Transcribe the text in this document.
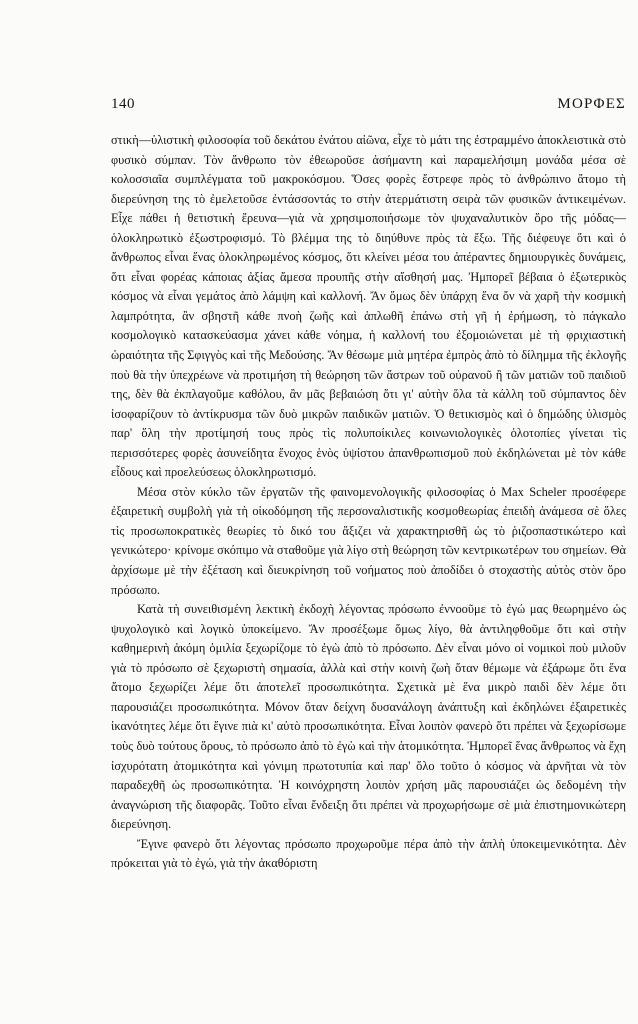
140	ΜΟΡΦΕΣ

στικὴ—ὑλιστικὴ φιλοσοφία τοῦ δεκάτου ἐνάτου αἰῶνα, εἶχε τὸ μάτι της ἐστραμμένο ἀποκλειστικὰ στὸ φυσικὸ σύμπαν. Τὸν ἄνθρωπο τὸν ἐθεωροῦσε ἀσήμαντη καὶ παραμελήσιμη μονάδα μέσα σὲ κολοσσιαῖα συμπλέγματα τοῦ μακροκόσμου. Ὅσες φορὲς ἔστρεφε πρὸς τὸ ἀνθρώπινο ἄτομο τὴ διερεύνηση της τὸ ἐμελετοῦσε ἐντάσσοντάς το στὴν ἀτερμάτιστη σειρὰ τῶν φυσικῶν ἀντικειμένων. Εἶχε πάθει ἡ θετιστικὴ ἔρευνα—γιὰ νὰ χρησιμοποιήσωμε τὸν ψυχαναλυτικὸν ὅρο τῆς μόδας—ὁλοκληρωτικὸ ἐξωστροφισμό. Τὸ βλέμμα της τὸ διηύθυνε πρὸς τὰ ἔξω. Τῆς διέφευγε ὅτι καὶ ὁ ἄνθρωπος εἶναι ἕνας ὁλοκληρωμένος κόσμος, ὅτι κλείνει μέσα του ἀπέραντες δημιουργικὲς δυνάμεις, ὅτι εἶναι φορέας κάποιας ἀξίας ἄμεσα προυπῆς στὴν αἴσθησή μας. Ἠμπορεῖ βέβαια ὁ ἐξωτερικὸς κόσμος νὰ εἶναι γεμάτος ἀπὸ λάμψη καὶ καλλονή. Ἄν ὅμως δὲν ὑπάρχη ἕνα ὄν νὰ χαρῆ τὴν κοσμικὴ λαμπρότητα, ἂν σβηστῆ κάθε πνοὴ ζωῆς καὶ ἁπλωθῆ ἐπάνω στὴ γῆ ἡ ἐρήμωση, τὸ πάγκαλο κοσμολογικὸ κατασκεύασμα χάνει κάθε νόημα, ἡ καλλονή του ἐξομοιώνεται μὲ τὴ φριχιαστικὴ ὡραιότητα τῆς Σφιγγὸς καὶ τῆς Μεδούσης. Ἄν θέσωμε μιὰ μητέρα ἐμπρὸς ἀπὸ τὸ δίλημμα τῆς ἐκλογῆς ποὺ θὰ τὴν ὑπεχρέωνε νὰ προτιμήση τὴ θεώρηση τῶν ἄστρων τοῦ οὐρανοῦ ἢ τῶν ματιῶν τοῦ παιδιοῦ της, δὲν θὰ ἐκπλαγοῦμε καθόλου, ἂν μᾶς βεβαιώση ὅτι γι' αὐτὴν ὅλα τὰ κάλλη τοῦ σύμπαντος δὲν ἰσοφαρίζουν τὸ ἀντίκρυσμα τῶν δυὸ μικρῶν παιδικῶν ματιῶν. Ὁ θετικισμὸς καὶ ὁ δημώδης ὑλισμὸς παρ' ὅλη τὴν προτίμησή τους πρὸς τὶς πολυποίκιλες κοινωνιολογικὲς ὁλοτοπίες γίνεται τὶς περισσότερες φορὲς ἀσυνείδητα ἔνοχος ἑνὸς ὑψίστου ἀπανθρωπισμοῦ ποὺ ἐκδηλώνεται μὲ τὸν κάθε εἶδους καὶ προελεύσεως ὁλοκληρωτισμό.

Μέσα στὸν κύκλο τῶν ἐργατῶν τῆς φαινομενολογικῆς φιλοσοφίας ὁ Max Scheler προσέφερε ἐξαιρετικὴ συμβολὴ γιὰ τὴ οἰκοδόμηση τῆς περσοναλιστικῆς κοσμοθεωρίας ἐπειδὴ ἀνάμεσα σὲ ὅλες τὶς προσωποκρατικὲς θεωρίες τὸ δικό του ἄξιζει νὰ χαρακτηρισθῆ ὡς τὸ ῥιζοσπαστικώτερο καὶ γενικώτερο· κρίνομε σκόπιμο νὰ σταθοῦμε γιὰ λίγο στὴ θεώρηση τῶν κεντρικωτέρων του σημείων. Θὰ ἀρχίσωμε μὲ τὴν ἐξέταση καὶ διευκρίνηση τοῦ νοήματος ποὺ ἀποδίδει ὁ στοχαστὴς αὐτὸς στὸν ὅρο πρόσωπο.

Κατὰ τὴ συνειθισμένη λεκτικὴ ἐκδοχὴ λέγοντας πρόσωπο ἐννοοῦμε τὸ ἐγώ μας θεωρημένο ὡς ψυχολογικὸ καὶ λογικὸ ὑποκείμενο. Ἄν προσέξωμε ὅμως λίγο, θὰ ἀντιληφθοῦμε ὅτι καὶ στὴν καθημερινὴ ἀκόμη ὁμιλία ξεχωρίζομε τὸ ἐγὼ ἀπὸ τὸ πρόσωπο. Δὲν εἶναι μόνο οἱ νομικοὶ ποὺ μιλοῦν γιὰ τὸ πρόσωπο σὲ ξεχωριστὴ σημασία, ἀλλὰ καὶ στὴν κοινὴ ζωὴ ὅταν θέμωμε νὰ ἐξάρωμε ὅτι ἕνα ἄτομο ξεχωρίζει λέμε ὅτι ἀποτελεῖ προσωπικότητα. Σχετικὰ μὲ ἕνα μικρὸ παιδὶ δὲν λέμε ὅτι παρουσιάζει προσωπικότητα. Μόνον ὅταν δείχνη δυσανάλογη ἀνάπτυξη καὶ ἐκδηλώνει ἐξαιρετικὲς ἱκανότητες λέμε ὅτι ἔγινε πιὰ κι' αὐτὸ προσωπικότητα. Εἶναι λοιπὸν φανερὸ ὅτι πρέπει νὰ ξεχωρίσωμε τοὺς δυὸ τούτους ὅρους, τὸ πρόσωπο ἀπὸ τὸ ἐγὼ καὶ τὴν ἀτομικότητα. Ἠμπορεῖ ἕνας ἄνθρωπος νὰ ἔχη ἰσχυρότατη ἀτομικότητα καὶ γόνιμη πρωτοτυπία καὶ παρ' ὅλο τοῦτο ὁ κόσμος νὰ ἀρνῆται νὰ τὸν παραδεχθῆ ὡς προσωπικότητα. Ἡ κοινόχρηστη λοιπὸν χρήση μᾶς παρουσιάζει ὡς δεδομένη τὴν ἀναγνώριση τῆς διαφορᾶς. Τοῦτο εἶναι ἔνδειξη ὅτι πρέπει νὰ προχωρήσωμε σὲ μιὰ ἐπιστημονικώτερη διερεύνηση.

Ἔγινε φανερὸ ὅτι λέγοντας πρόσωπο προχωροῦμε πέρα ἀπὸ τὴν ἁπλὴ ὑποκειμενικότητα. Δὲν πρόκειται γιὰ τὸ ἐγώ, γιὰ τὴν ἀκαθόριστη
